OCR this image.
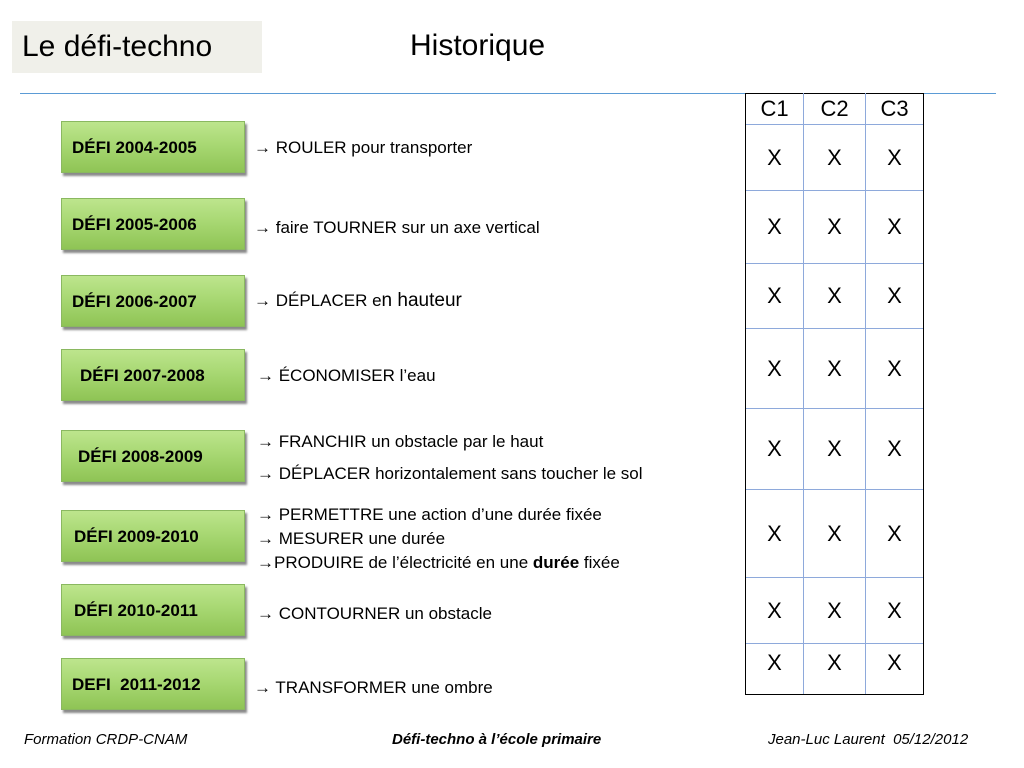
Le défi-techno	Historique
DÉFI 2004-2005	→ ROULER pour transporter
DÉFI 2005-2006	→ faire TOURNER sur un axe vertical
DÉFI 2006-2007	→ DÉPLACER en hauteur
DÉFI 2007-2008	→ ÉCONOMISER l’eau
DÉFI 2008-2009
→ FRANCHIR un obstacle par le haut
→ DÉPLACER horizontalement sans toucher le sol
DÉFI 2009-2010
→ PERMETTRE une action d’une durée fixée
→ MESURER une durée
→PRODUIRE de l’électricité en une durée fixée
DÉFI 2010-2011	→ CONTOURNER un obstacle
DEFI  2011-2012	→ TRANSFORMER une ombre
C1	C2	C3
X	X	X
X	X	X
X	X	X
X	X	X
X	X	X
X	X	X
X	X	X
X	X	X
Formation CRDP-CNAM	Défi-techno à l’école primaire	Jean-Luc Laurent  05/12/2012
